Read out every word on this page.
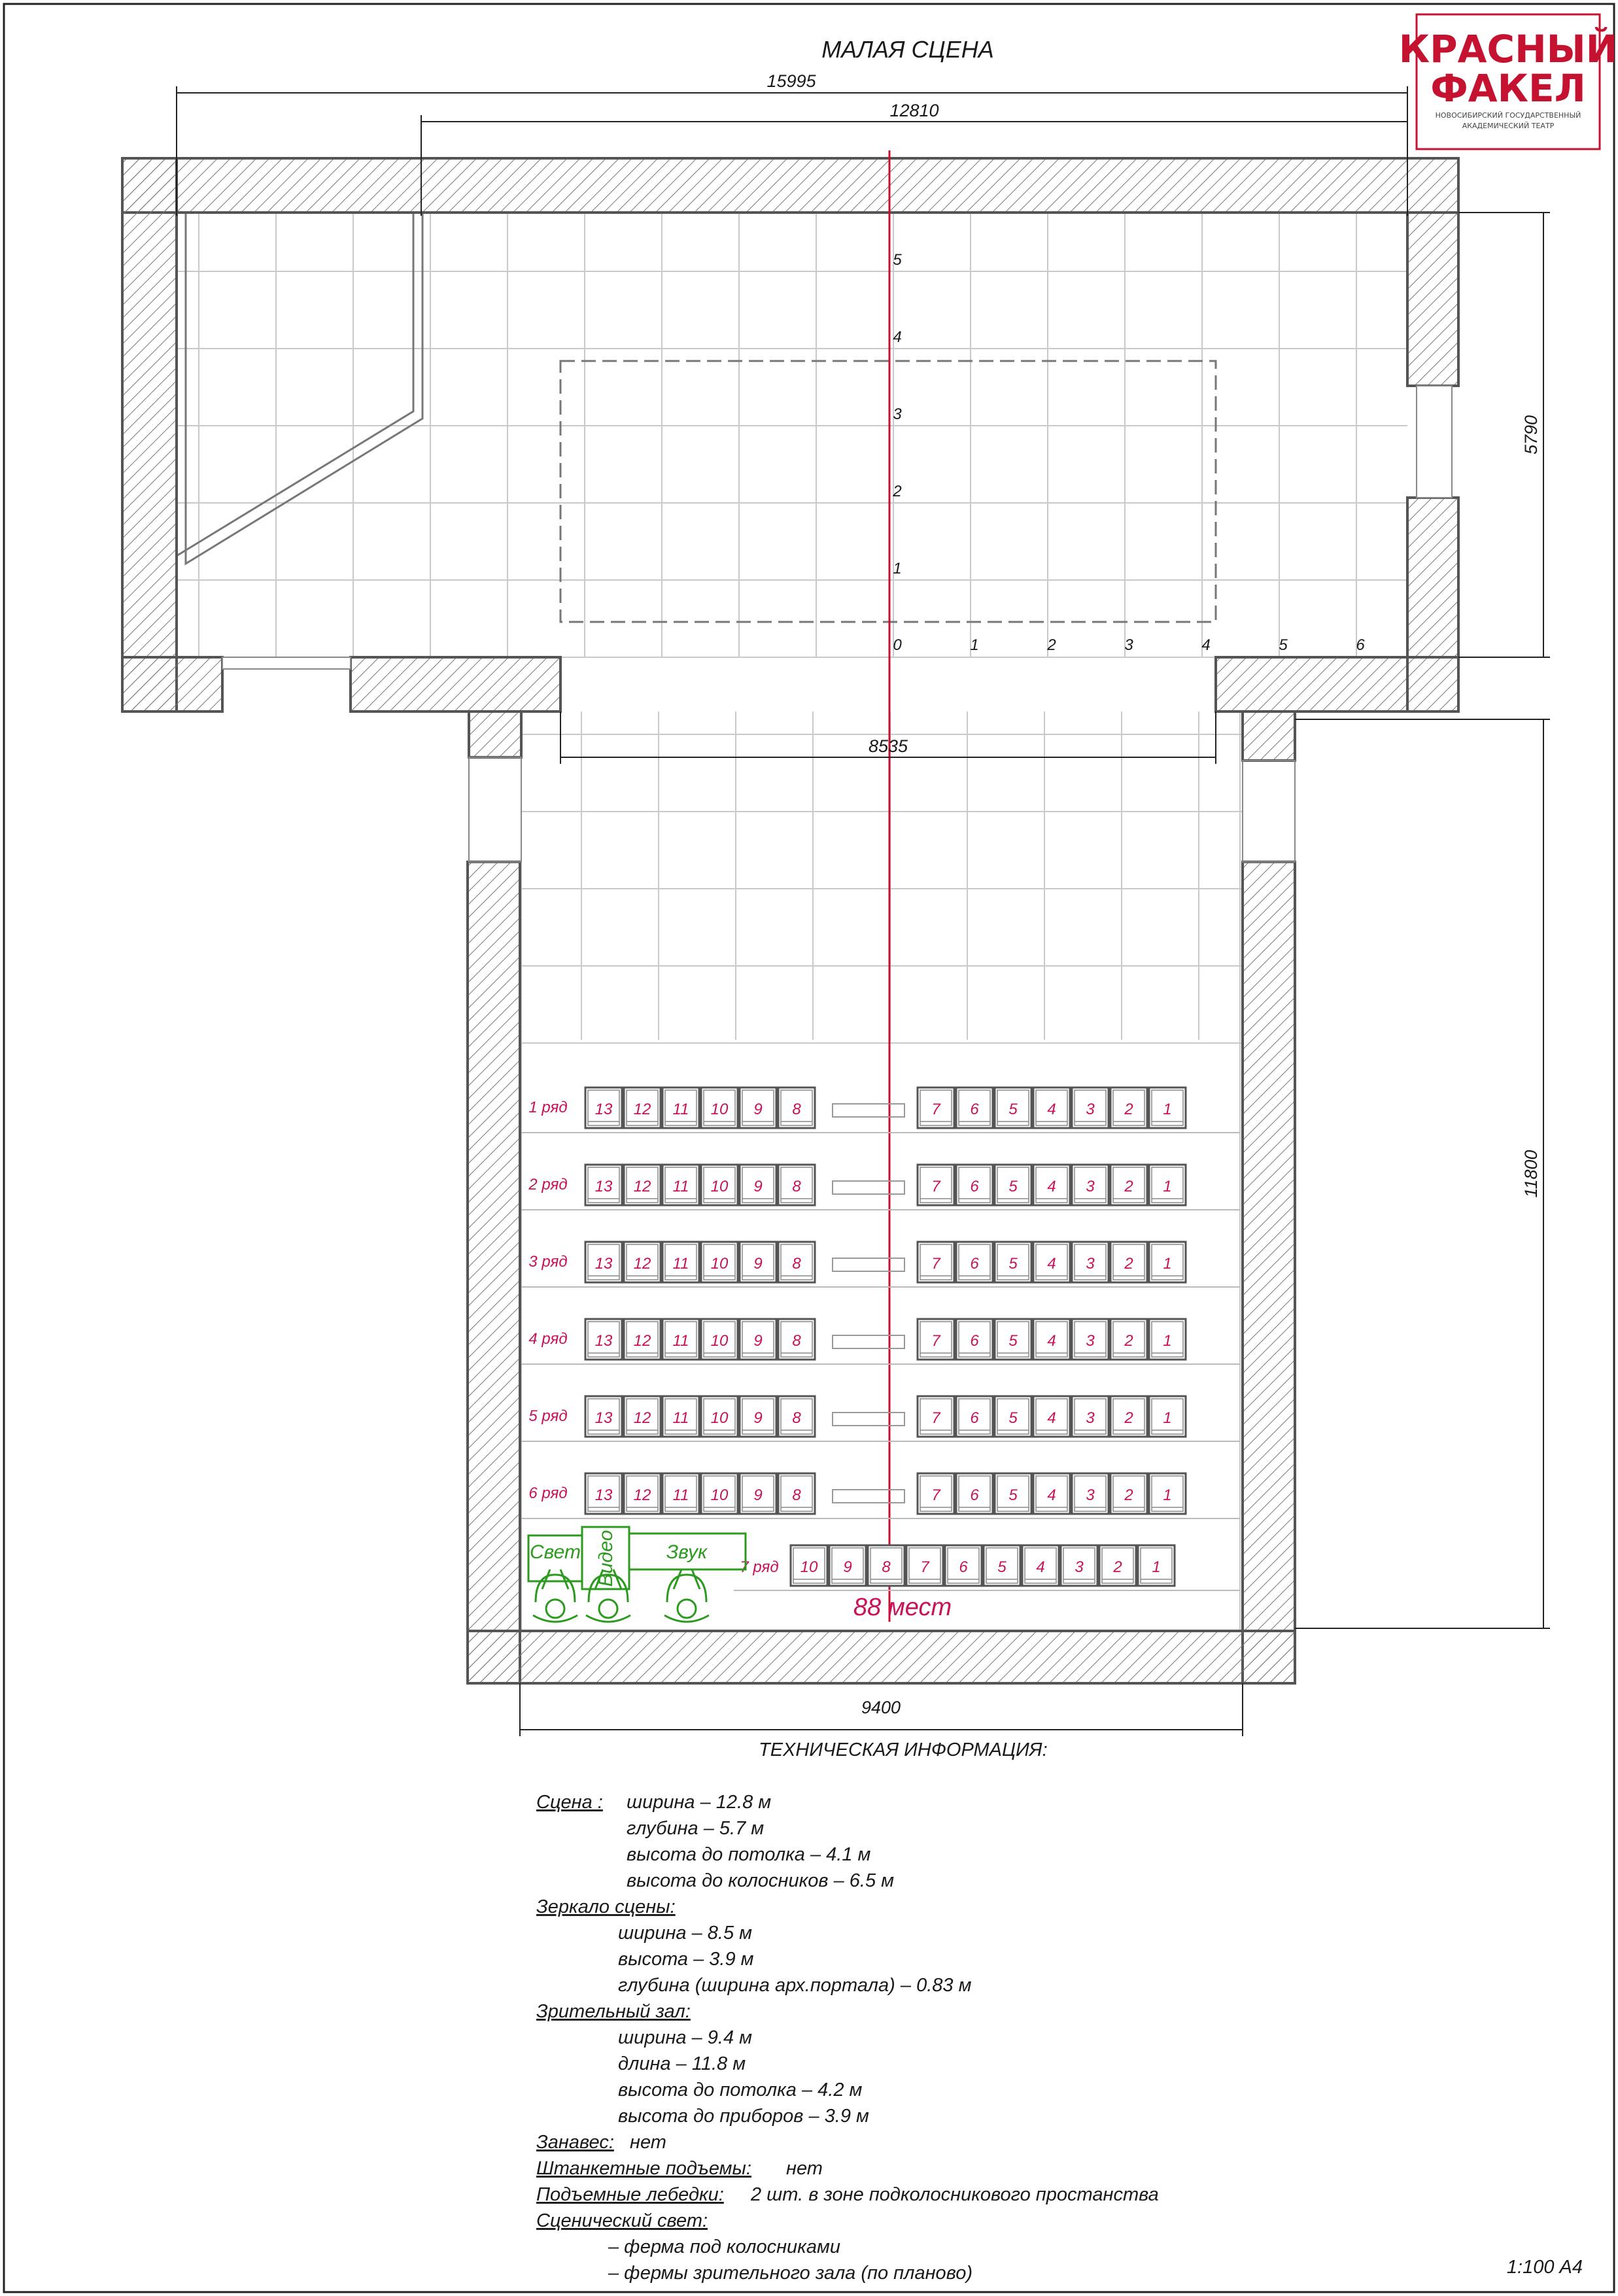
МАЛАЯ СЦЕНА	КРАСНЫЙ
ФАКЕЛ
НОВОСИБИРСКИЙ ГОСУДАРСТВЕННЫЙ
АКАДЕМИЧЕСКИЙ ТЕАТР
0	1	2	3	4	5	6
1
2
3
4
5
15995
12810
5790
8535
11800
9400
1 ряд 13 12 11 10 9 8	7 6 5 4 3 2 1
2 ряд 13 12 11 10 9 8	7 6 5 4 3 2 1
3 ряд 13 12 11 10 9 8	7 6 5 4 3 2 1
4 ряд 13 12 11 10 9 8	7 6 5 4 3 2 1
5 ряд 13 12 11 10 9 8	7 6 5 4 3 2 1
6 ряд 13 12 11 10 9 8	7 6 5 4 3 2 1
7 ряд 10 9 8 7 6 5 4 3 2 1
88 мест
Свет Видео	Звук
ТЕХНИЧЕСКАЯ ИНФОРМАЦИЯ:
Сцена : ширина – 12.8 м
глубина – 5.7 м
высота до потолка – 4.1 м
высота до колосников – 6.5 м
Зеркало сцены:
ширина – 8.5 м
высота – 3.9 м
глубина (ширина арх.портала) – 0.83 м
Зрительный зал:
ширина – 9.4 м
длина – 11.8 м
высота до потолка – 4.2 м
высота до приборов – 3.9 м
Занавес: нет
Штанкетные подъемы: нет
Подъемные лебедки: 2 шт. в зоне подколосникового простанства
Сценический свет:
– ферма под колосниками
– фермы зрительного зала (по планово)	1:100 А4
